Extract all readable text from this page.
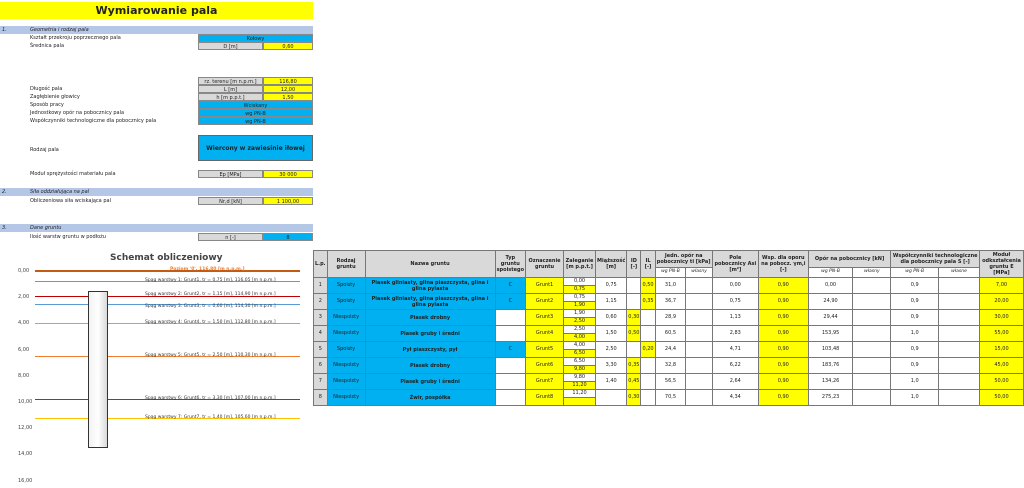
Wymiarowanie pala
1.	Geometria i rodzaj pala
Kształt przekroju poprzecznego pala	Kołowy
Średnica pala	D [m]	0,60
rz. terenu [m n.p.m.]	116,80
Długość pala	L [m]	12,00
Zagłębienie głowicy	h [m p.p.t.]	1,50
Sposób pracy	Wciskany
Jednostkowy opór na pobocznicy pala	wg PN-B
Współczynniki technologiczne dla pobocznicy pala	wg PN-B
Rodzaj pala	Wiercony w zawiesinie iłowej
Moduł sprężystości materiału pala	Ep [MPa]	30 000
2.	Siła oddziałująca na pal
Obliczeniowa siła wciskająca pal	Nr,d [kN]	1 100,00
3.	Dane gruntu
Ilość warstw gruntu w podłożu	n [-]	8
Schemat obliczeniowy
0,00
2,00
4,00
6,00
8,00
10,00
12,00
14,00
16,00
Poziom '0', 116,80 [m n.p.m.]
Spąg warstwy 1: Grunt1, tr = 0,75 [m], 116,05 [m n.p.m.]
Spąg warstwy 2: Grunt2, tr = 1,15 [m], 114,90 [m n.p.m.]
Spąg warstwy 3: Grunt3, tr = 0,60 [m], 114,30 [m n.p.m.]
Spąg warstwy 4: Grunt4, tr = 1,50 [m], 112,80 [m n.p.m.]
Spąg warstwy 5: Grunt5, tr = 2,50 [m], 110,30 [m n.p.m.]
Spąg warstwy 6: Grunt6, tr = 3,30 [m], 107,00 [m n.p.m.]
Spąg warstwy 7: Grunt7, tr = 1,40 [m], 105,60 [m n.p.m.]
L.p.	Rodzaj gruntu	Nazwa gruntu	Typ gruntu spoistego	Oznaczenie gruntu	Zaleganie [m p.p.t.]	Miąższość [m]	ID [-]	IL [-]	Jedn. opór na pobocznicy ti [kPa]		Pole pobocznicy Asi [m²]	Wsp. dla oporu na pobocz. γm,i [-]	Opór na pobocznicy [kN]		Współczynniki technologiczne dla pobocznicy pala S [-]		Moduł odkształcenia gruntu E [MPa]
									wg PN-B	własny			wg PN-B	własny	wg PN-B	własne	
1	Spoisty	Piasek gliniasty, glina piaszczysta, glina i glina pylasta	C	Grunt1	0,00	0,75		0,50	31,0		0,00	0,90	0,00		0,9		7,00
					0,75												
2	Spoisty	Piasek gliniasty, glina piaszczysta, glina i glina pylasta	C	Grunt2	0,75	1,15		0,35	36,7		0,75	0,90	24,90		0,9		20,00
					1,90												
3	Niespoisty	Piasek drobny		Grunt3	1,90	0,60	0,30		28,9		1,13	0,90	29,44		0,9		30,00
					2,50												
4	Niespoisty	Piasek gruby i średni		Grunt4	2,50	1,50	0,50		60,5		2,83	0,90	153,95		1,0		55,00
					4,00												
5	Spoisty	Pył piaszczysty, pył	C	Grunt5	4,00	2,50		0,20	24,4		4,71	0,90	103,48		0,9		15,00
					6,50												
6	Niespoisty	Piasek drobny		Grunt6	6,50	3,30	0,35		32,8		6,22	0,90	183,76		0,9		45,00
					9,80												
7	Niespoisty	Piasek gruby i średni		Grunt7	9,80	1,40	0,45		56,5		2,64	0,90	134,26		1,0		50,00
					11,20												
8	Niespoisty	Żwir, pospółka		Grunt8	11,20		0,30		70,5		4,34	0,90	275,23		1,0		50,00
